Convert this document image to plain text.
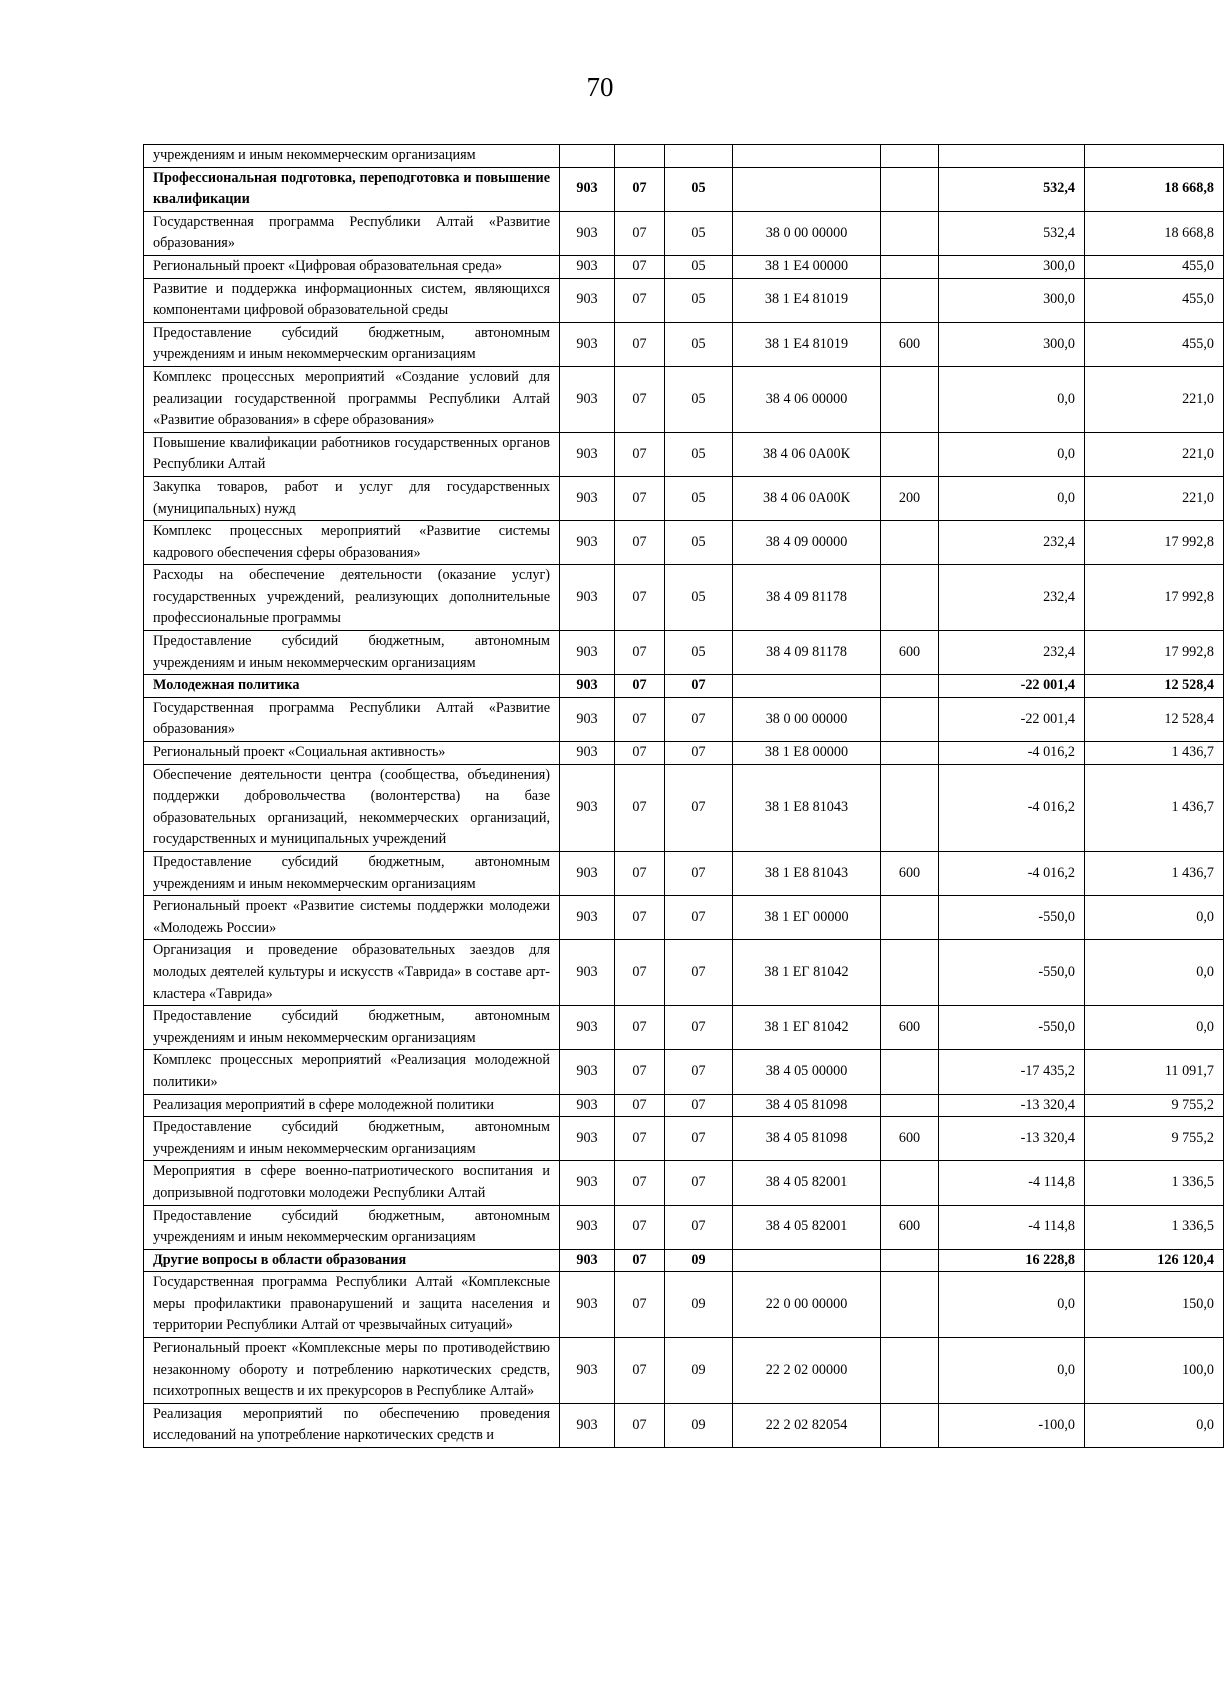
70
учреждениям и иным некоммерческим организациям							
Профессиональная подготовка, переподготовка и повышение квалификации	903	07	05			532,4	18 668,8
Государственная программа Республики Алтай «Развитие образования»	903	07	05	38 0 00 00000		532,4	18 668,8
Региональный проект «Цифровая образовательная среда»	903	07	05	38 1 Е4 00000		300,0	455,0
Развитие и поддержка информационных систем, являющихся компонентами цифровой образовательной среды	903	07	05	38 1 Е4 81019		300,0	455,0
Предоставление субсидий бюджетным, автономным учреждениям и иным некоммерческим организациям	903	07	05	38 1 Е4 81019	600	300,0	455,0
Комплекс процессных мероприятий «Создание условий для реализации государственной программы Республики Алтай «Развитие образования» в сфере образования»	903	07	05	38 4 06 00000		0,0	221,0
Повышение квалификации работников государственных органов Республики Алтай	903	07	05	38 4 06 0А00К		0,0	221,0
Закупка товаров, работ и услуг для государственных (муниципальных) нужд	903	07	05	38 4 06 0А00К	200	0,0	221,0
Комплекс процессных мероприятий «Развитие системы кадрового обеспечения сферы образования»	903	07	05	38 4 09 00000		232,4	17 992,8
Расходы на обеспечение деятельности (оказание услуг) государственных учреждений, реализующих дополнительные профессиональные программы	903	07	05	38 4 09 81178		232,4	17 992,8
Предоставление субсидий бюджетным, автономным учреждениям и иным некоммерческим организациям	903	07	05	38 4 09 81178	600	232,4	17 992,8
Молодежная политика	903	07	07			-22 001,4	12 528,4
Государственная программа Республики Алтай «Развитие образования»	903	07	07	38 0 00 00000		-22 001,4	12 528,4
Региональный проект «Социальная активность»	903	07	07	38 1 Е8 00000		-4 016,2	1 436,7
Обеспечение деятельности центра (сообщества, объединения) поддержки добровольчества (волонтерства) на базе образовательных организаций, некоммерческих организаций, государственных и муниципальных учреждений	903	07	07	38 1 Е8 81043		-4 016,2	1 436,7
Предоставление субсидий бюджетным, автономным учреждениям и иным некоммерческим организациям	903	07	07	38 1 Е8 81043	600	-4 016,2	1 436,7
Региональный проект «Развитие системы поддержки молодежи «Молодежь России»	903	07	07	38 1 ЕГ 00000		-550,0	0,0
Организация и проведение образовательных заездов для молодых деятелей культуры и искусств «Таврида» в составе арт-кластера «Таврида»	903	07	07	38 1 ЕГ 81042		-550,0	0,0
Предоставление субсидий бюджетным, автономным учреждениям и иным некоммерческим организациям	903	07	07	38 1 ЕГ 81042	600	-550,0	0,0
Комплекс процессных мероприятий «Реализация молодежной политики»	903	07	07	38 4 05 00000		-17 435,2	11 091,7
Реализация мероприятий в сфере молодежной политики	903	07	07	38 4 05 81098		-13 320,4	9 755,2
Предоставление субсидий бюджетным, автономным учреждениям и иным некоммерческим организациям	903	07	07	38 4 05 81098	600	-13 320,4	9 755,2
Мероприятия в сфере военно-патриотического воспитания и допризывной подготовки молодежи Республики Алтай	903	07	07	38 4 05 82001		-4 114,8	1 336,5
Предоставление субсидий бюджетным, автономным учреждениям и иным некоммерческим организациям	903	07	07	38 4 05 82001	600	-4 114,8	1 336,5
Другие вопросы в области образования	903	07	09			16 228,8	126 120,4
Государственная программа Республики Алтай «Комплексные меры профилактики правонарушений и защита населения и территории Республики Алтай от чрезвычайных ситуаций»	903	07	09	22 0 00 00000		0,0	150,0
Региональный проект «Комплексные меры по противодействию незаконному обороту и потреблению наркотических средств, психотропных веществ и их прекурсоров в Республике Алтай»	903	07	09	22 2 02 00000		0,0	100,0
Реализация мероприятий по обеспечению проведения исследований на употребление наркотических средств и	903	07	09	22 2 02 82054		-100,0	0,0
